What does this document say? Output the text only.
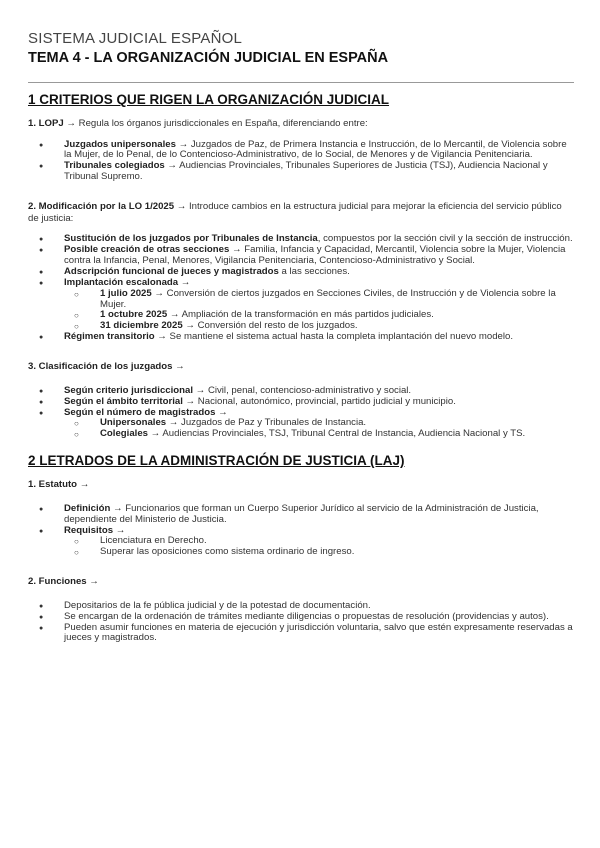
SISTEMA JUDICIAL ESPAÑOL
TEMA 4 - LA ORGANIZACIÓN JUDICIAL EN ESPAÑA
1 CRITERIOS QUE RIGEN LA ORGANIZACIÓN JUDICIAL

1. LOPJ → Regula los órganos jurisdiccionales en España, diferenciando entre:

● Juzgados unipersonales → Juzgados de Paz, de Primera Instancia e Instrucción, de lo Mercantil, de Violencia sobre la Mujer, de lo Penal, de lo Contencioso-Administrativo, de lo Social, de Menores y de Vigilancia Penitenciaria.
● Tribunales colegiados → Audiencias Provinciales, Tribunales Superiores de Justicia (TSJ), Audiencia Nacional y Tribunal Supremo.

2. Modificación por la LO 1/2025 → Introduce cambios en la estructura judicial para mejorar la eficiencia del servicio público de justicia:

● Sustitución de los juzgados por Tribunales de Instancia, compuestos por la sección civil y la sección de instrucción.
● Posible creación de otras secciones → Familia, Infancia y Capacidad, Mercantil, Violencia sobre la Mujer, Violencia contra la Infancia, Penal, Menores, Vigilancia Penitenciaria, Contencioso-Administrativo y Social.
● Adscripción funcional de jueces y magistrados a las secciones.
● Implantación escalonada →
○ 1 julio 2025 → Conversión de ciertos juzgados en Secciones Civiles, de Instrucción y de Violencia sobre la Mujer.
○ 1 octubre 2025 → Ampliación de la transformación en más partidos judiciales.
○ 31 diciembre 2025 → Conversión del resto de los juzgados.
● Régimen transitorio → Se mantiene el sistema actual hasta la completa implantación del nuevo modelo.

3. Clasificación de los juzgados →

● Según criterio jurisdiccional → Civil, penal, contencioso-administrativo y social.
● Según el ámbito territorial → Nacional, autonómico, provincial, partido judicial y municipio.
● Según el número de magistrados →
○ Unipersonales → Juzgados de Paz y Tribunales de Instancia.
○ Colegiales → Audiencias Provinciales, TSJ, Tribunal Central de Instancia, Audiencia Nacional y TS.
2 LETRADOS DE LA ADMINISTRACIÓN DE JUSTICIA (LAJ)

1. Estatuto →

● Definición → Funcionarios que forman un Cuerpo Superior Jurídico al servicio de la Administración de Justicia, dependiente del Ministerio de Justicia.
● Requisitos →
○ Licenciatura en Derecho.
○ Superar las oposiciones como sistema ordinario de ingreso.

2. Funciones →

● Depositarios de la fe pública judicial y de la potestad de documentación.
● Se encargan de la ordenación de trámites mediante diligencias o propuestas de resolución (providencias y autos).
● Pueden asumir funciones en materia de ejecución y jurisdicción voluntaria, salvo que estén expresamente reservadas a jueces y magistrados.
